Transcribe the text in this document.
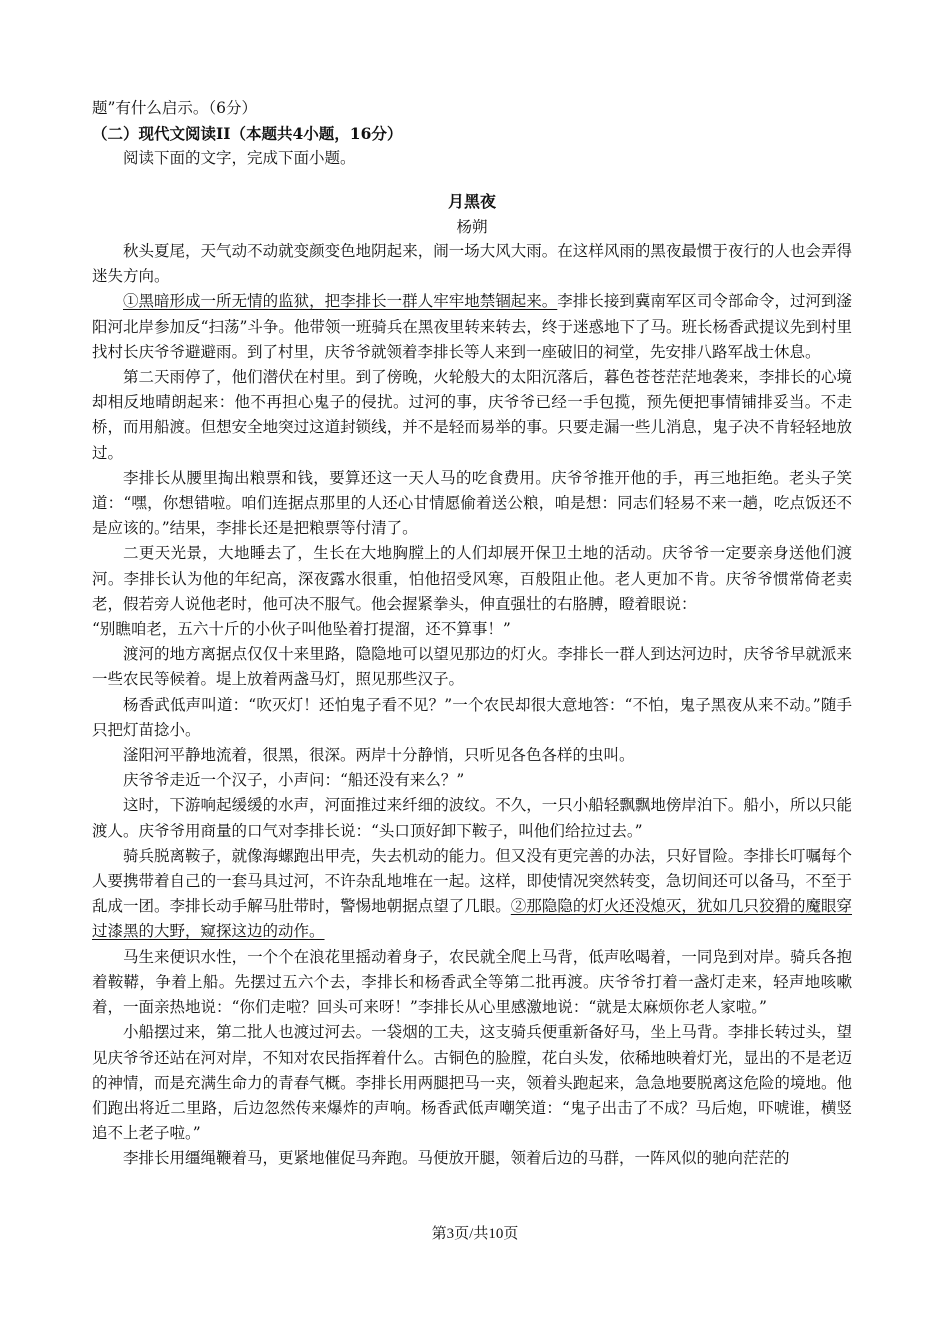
题”有什么启示。（6分）

（二）现代文阅读II（本题共4小题，16分）

阅读下面的文字，完成下面小题。

月黑夜
杨朔

秋头夏尾，天气动不动就变颜变色地阴起来，闹一场大风大雨。在这样风雨的黑夜最惯于夜行的人也会弄得迷失方向。

①黑暗形成一所无情的监狱，把李排长一群人牢牢地禁锢起来。李排长接到冀南军区司令部命令，过河到滏阳河北岸参加反“扫荡”斗争。他带领一班骑兵在黑夜里转来转去，终于迷惑地下了马。班长杨香武提议先到村里找村长庆爷爷避避雨。到了村里，庆爷爷就领着李排长等人来到一座破旧的祠堂，先安排八路军战士休息。

第二天雨停了，他们潜伏在村里。到了傍晚，火轮般大的太阳沉落后，暮色苍苍茫茫地袭来，李排长的心境却相反地晴朗起来：他不再担心鬼子的侵扰。过河的事，庆爷爷已经一手包揽，预先便把事情铺排妥当。不走桥，而用船渡。但想安全地突过这道封锁线，并不是轻而易举的事。只要走漏一些儿消息，鬼子决不肯轻轻地放过。

李排长从腰里掏出粮票和钱，要算还这一天人马的吃食费用。庆爷爷推开他的手，再三地拒绝。老头子笑道：“嘿，你想错啦。咱们连据点那里的人还心甘情愿偷着送公粮，咱是想：同志们轻易不来一趟，吃点饭还不是应该的。”结果，李排长还是把粮票等付清了。

二更天光景，大地睡去了，生长在大地胸膛上的人们却展开保卫土地的活动。庆爷爷一定要亲身送他们渡河。李排长认为他的年纪高，深夜露水很重，怕他招受风寒，百般阻止他。老人更加不肯。庆爷爷惯常倚老卖老，假若旁人说他老时，他可决不服气。他会握紧拳头，伸直强壮的右胳膊，瞪着眼说：

“别瞧咱老，五六十斤的小伙子叫他坠着打提溜，还不算事！”

渡河的地方离据点仅仅十来里路，隐隐地可以望见那边的灯火。李排长一群人到达河边时，庆爷爷早就派来一些农民等候着。堤上放着两盏马灯，照见那些汉子。

杨香武低声叫道：“吹灭灯！还怕鬼子看不见？”一个农民却很大意地答：“不怕，鬼子黑夜从来不动。”随手只把灯苗捻小。

滏阳河平静地流着，很黑，很深。两岸十分静悄，只听见各色各样的虫叫。

庆爷爷走近一个汉子，小声问：“船还没有来么？”

这时，下游响起缓缓的水声，河面推过来纤细的波纹。不久，一只小船轻飘飘地傍岸泊下。船小，所以只能渡人。庆爷爷用商量的口气对李排长说：“头口顶好卸下鞍子，叫他们给拉过去。”

骑兵脱离鞍子，就像海螺跑出甲壳，失去机动的能力。但又没有更完善的办法，只好冒险。李排长叮嘱每个人要携带着自己的一套马具过河，不许杂乱地堆在一起。这样，即使情况突然转变，急切间还可以备马，不至于乱成一团。李排长动手解马肚带时，警惕地朝据点望了几眼。②那隐隐的灯火还没熄灭，犹如几只狡猾的魔眼穿过漆黑的大野，窥探这边的动作。

马生来便识水性，一个个在浪花里摇动着身子，农民就全爬上马背，低声吆喝着，一同凫到对岸。骑兵各抱着鞍鞯，争着上船。先摆过五六个去，李排长和杨香武全等第二批再渡。庆爷爷打着一盏灯走来，轻声地咳嗽着，一面亲热地说：“你们走啦？回头可来呀！”李排长从心里感激地说：“就是太麻烦你老人家啦。”

小船摆过来，第二批人也渡过河去。一袋烟的工夫，这支骑兵便重新备好马，坐上马背。李排长转过头，望见庆爷爷还站在河对岸，不知对农民指挥着什么。古铜色的脸膛，花白头发，依稀地映着灯光，显出的不是老迈的神情，而是充满生命力的青春气概。李排长用两腿把马一夹，领着头跑起来，急急地要脱离这危险的境地。他们跑出将近二里路，后边忽然传来爆炸的声响。杨香武低声嘲笑道：“鬼子出击了不成？马后炮，吓唬谁，横竖追不上老子啦。”

李排长用缰绳鞭着马，更紧地催促马奔跑。马便放开腿，领着后边的马群，一阵风似的驰向茫茫的

第3页/共10页
